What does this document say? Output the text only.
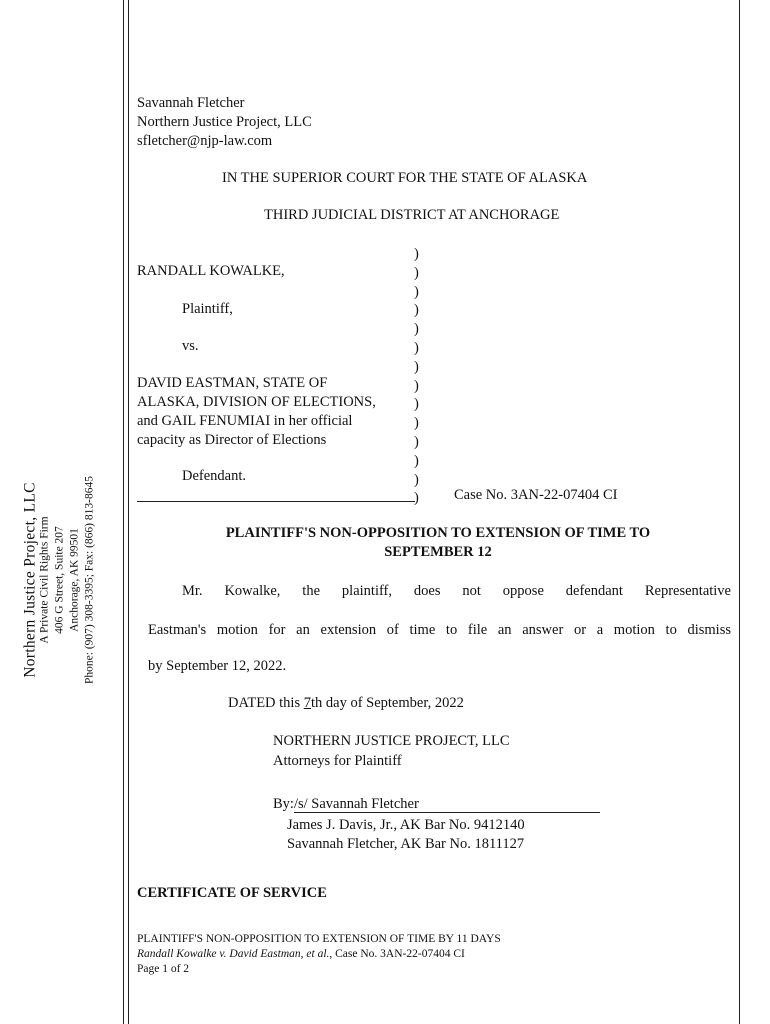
Northern Justice Project, LLC A Private Civil Rights Firm 406 G Street, Suite 207 Anchorage, AK 99501 Phone: (907) 308-3395; Fax: (866) 813-8645
Savannah Fletcher
Northern Justice Project, LLC
sfletcher@njp-law.com
IN THE SUPERIOR COURT FOR THE STATE OF ALASKA
THIRD JUDICIAL DISTRICT AT ANCHORAGE
RANDALL KOWALKE,
Plaintiff,
vs.
DAVID EASTMAN, STATE OF
ALASKA, DIVISION OF ELECTIONS,
and GAIL FENUMIAI in her official
capacity as Director of Elections
Defendant.
)
)
)
)
)
)
)
)
)
)
)
)
)
)	Case No. 3AN-22-07404 CI
PLAINTIFF'S NON-OPPOSITION TO EXTENSION OF TIME TO
SEPTEMBER 12
Mr. Kowalke, the plaintiff, does not oppose defendant Representative
Eastman's motion for an extension of time to file an answer or a motion to dismiss
by September 12, 2022.
DATED this 7th day of September, 2022
NORTHERN JUSTICE PROJECT, LLC
Attorneys for Plaintiff
By:/s/ Savannah Fletcher
James J. Davis, Jr., AK Bar No. 9412140
Savannah Fletcher, AK Bar No. 1811127
CERTIFICATE OF SERVICE
PLAINTIFF'S NON-OPPOSITION TO EXTENSION OF TIME BY 11 DAYS
Randall Kowalke v. David Eastman, et al., Case No. 3AN-22-07404 CI
Page 1 of 2
